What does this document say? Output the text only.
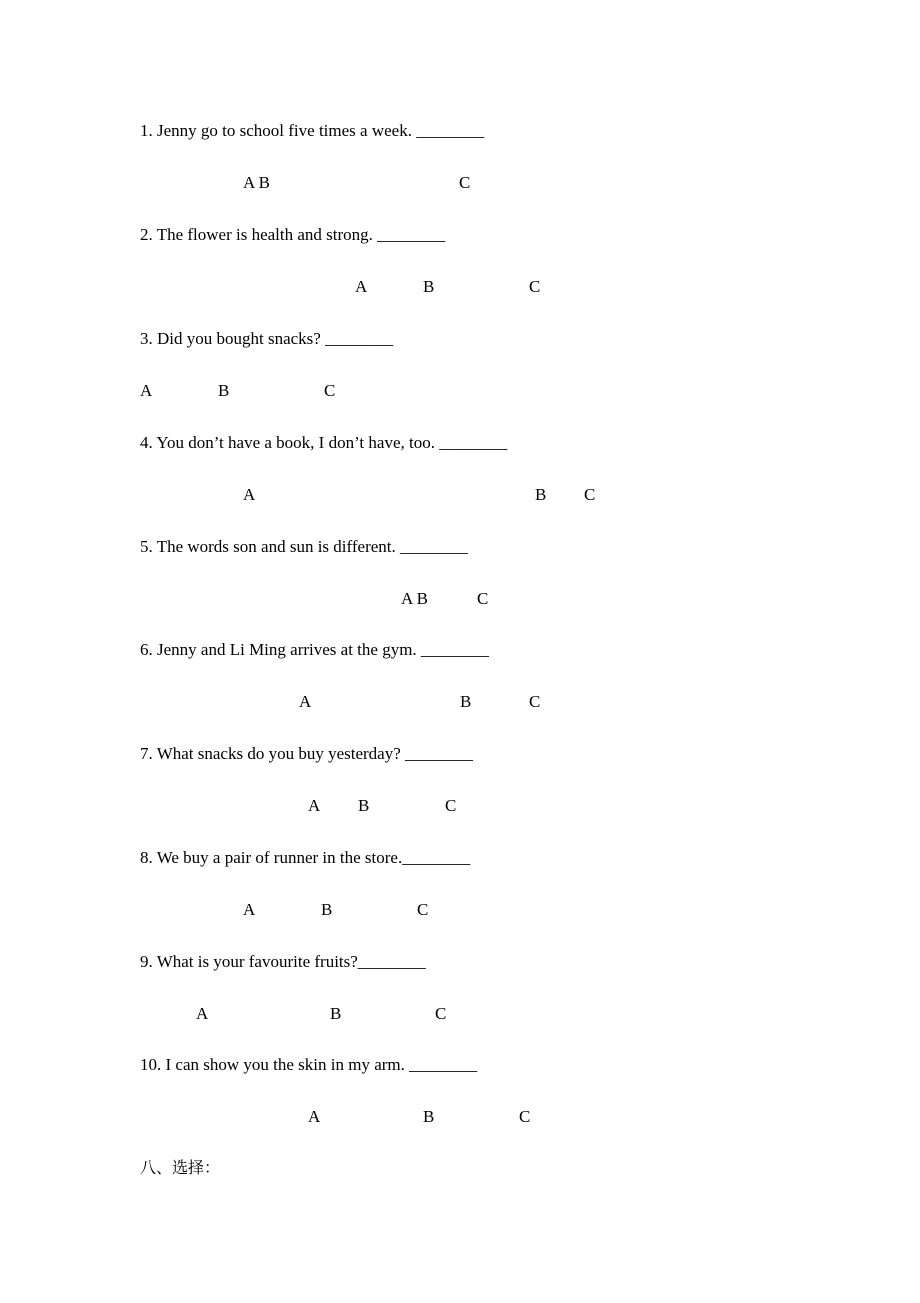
1. Jenny go to school five times a week. ________
A B	C
2. The flower is health and strong. ________
A	B	C
3. Did you bought snacks? ________
A	B	C
4. You don’t have a book, I don’t have, too. ________
A	B C
5. The words son and sun is different. ________
A B	C
6. Jenny and Li Ming arrives at the gym. ________
A	B	C
7. What snacks do you buy yesterday? ________
A B	C
8. We buy a pair of runner in the store.________
A	B	C
9. What is your favourite fruits?________
A	B	C
10. I can show you the skin in my arm. ________
A	B	C
八、选择：
